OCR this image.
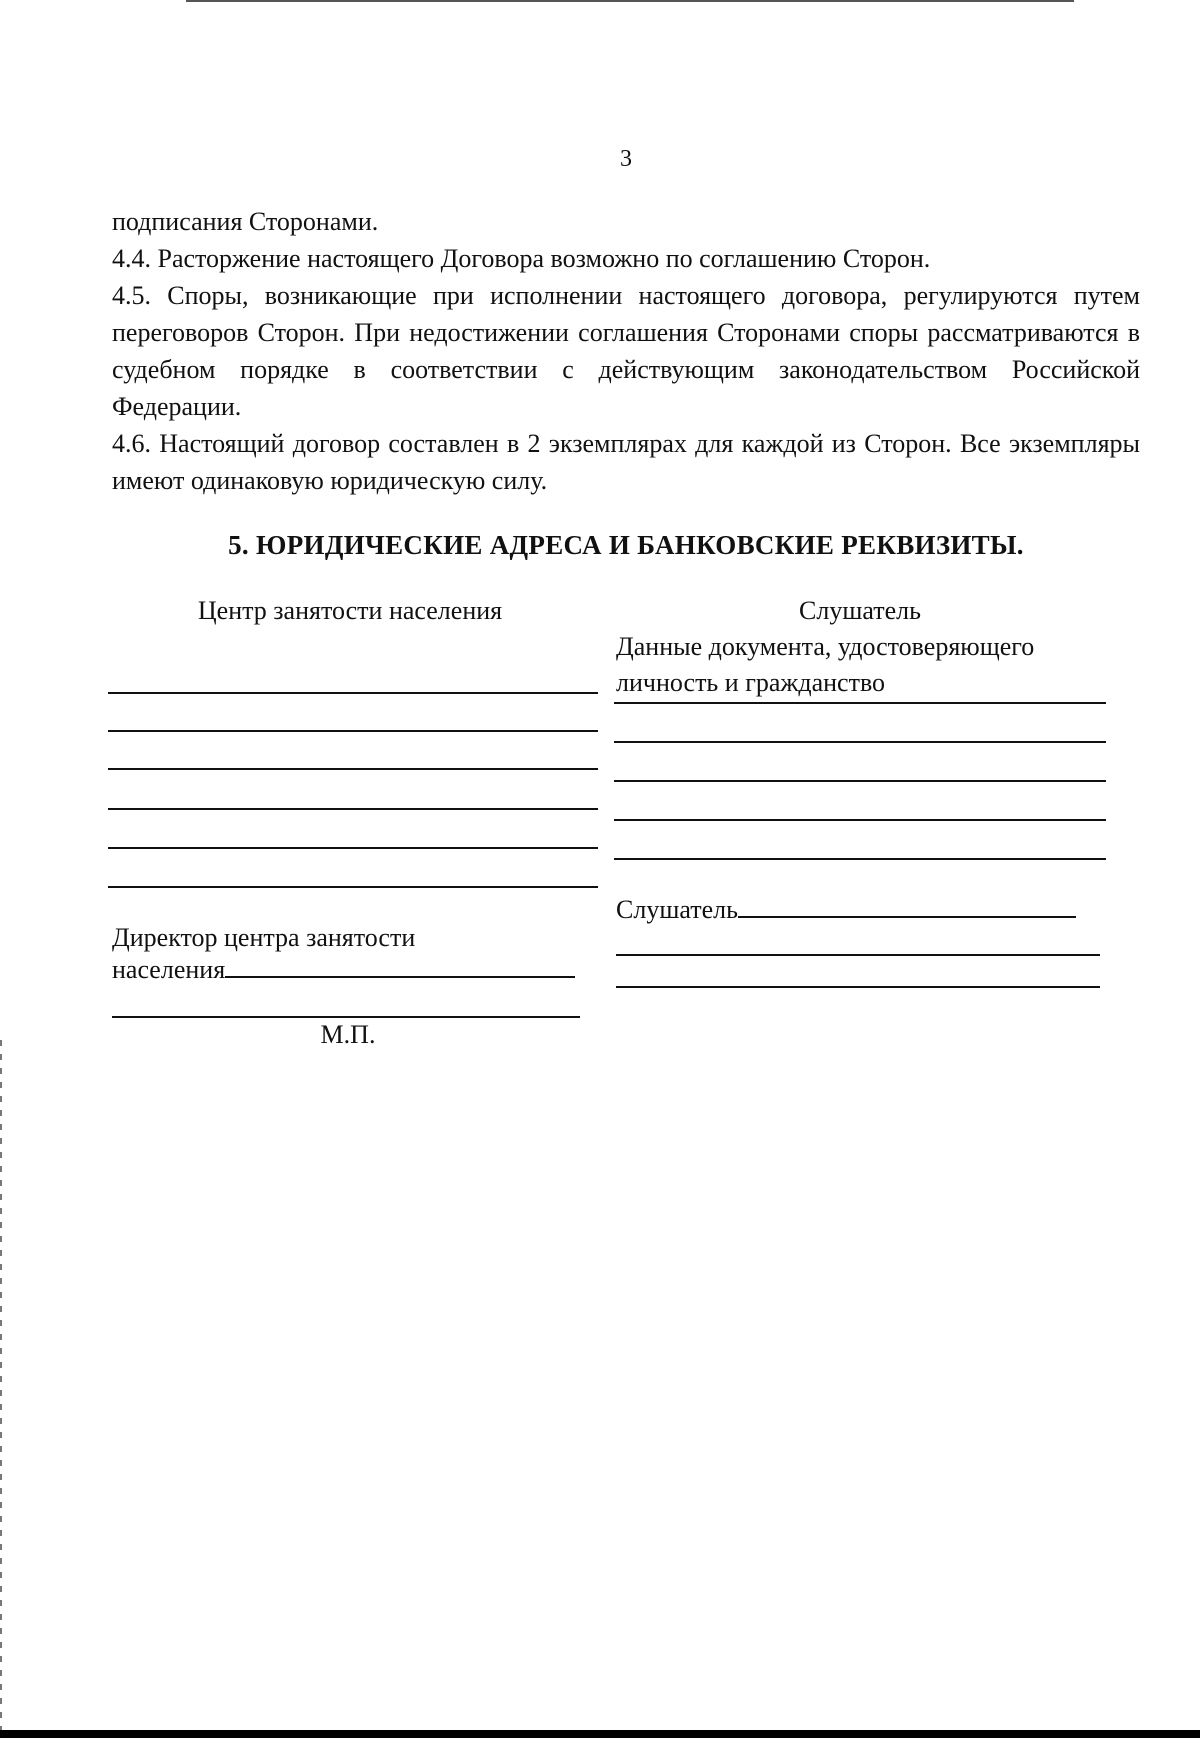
3

подписания Сторонами.

4.4. Расторжение настоящего Договора возможно по соглашению Сторон.

4.5. Споры, возникающие при исполнении настоящего договора, регулируются путем переговоров Сторон. При недостижении соглашения Сторонами споры рассматриваются в судебном порядке в соответствии с действующим законодательством Российской Федерации.

4.6. Настоящий договор составлен в 2 экземплярах для каждой из Сторон. Все экземпляры имеют одинаковую юридическую силу.

5. ЮРИДИЧЕСКИЕ АДРЕСА И БАНКОВСКИЕ РЕКВИЗИТЫ.
Центр занятости населения	Слушатель
Данные документа, удостоверяющего
личность и гражданство
Слушатель
Директор центра занятости
населения
М.П.
